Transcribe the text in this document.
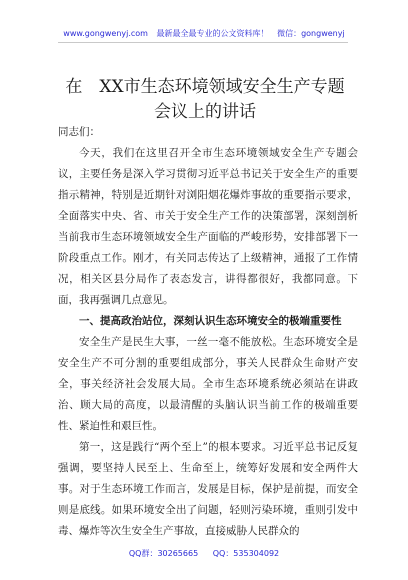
www.gongwenyj.com 最新最全最专业的公文资料库！ 微信：gongwenyj
在　XX市生态环境领域安全生产专题会议上的讲话
同志们：

今天，我们在这里召开全市生态环境领域安全生产专题会议，主要任务是深入学习贯彻习近平总书记关于安全生产的重要指示精神，特别是近期针对浏阳烟花爆炸事故的重要指示要求，全面落实中央、省、市关于安全生产工作的决策部署，深刻剖析当前我市生态环境领域安全生产面临的严峻形势，安排部署下一阶段重点工作。刚才，有关同志传达了上级精神，通报了工作情况，相关区县分局作了表态发言，讲得都很好，我都同意。下面，我再强调几点意见。

一、提高政治站位，深刻认识生态环境安全的极端重要性

安全生产是民生大事，一丝一毫不能放松。生态环境安全是安全生产不可分割的重要组成部分，事关人民群众生命财产安全，事关经济社会发展大局。全市生态环境系统必须站在讲政治、顾大局的高度，以最清醒的头脑认识当前工作的极端重要性、紧迫性和艰巨性。

第一，这是践行“两个至上”的根本要求。习近平总书记反复强调，要坚持人民至上、生命至上，统筹好发展和安全两件大事。对于生态环境工作而言，发展是目标，保护是前提，而安全则是底线。如果环境安全出了问题，轻则污染环境，重则引发中毒、爆炸等次生安全生产事故，直接威胁人民群众的

QQ群：30265665 QQ：535304092
